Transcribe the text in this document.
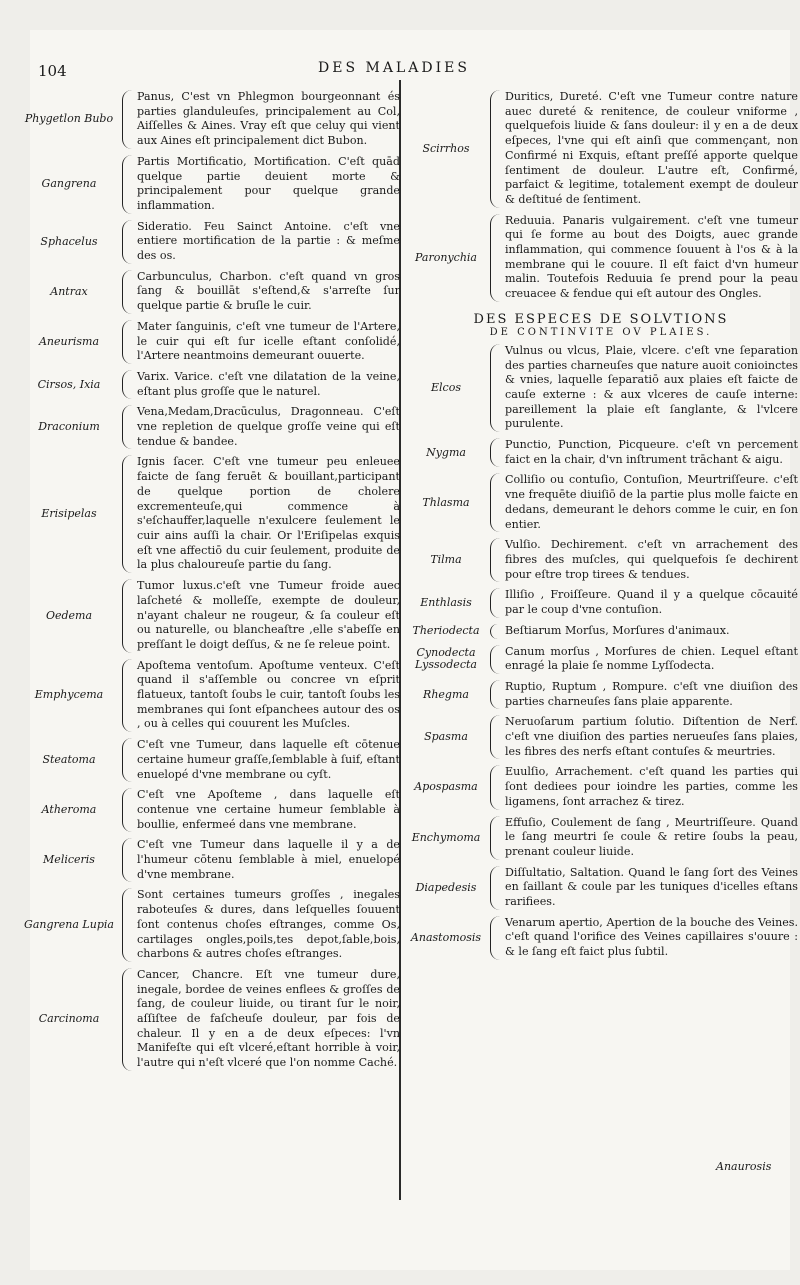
104	DES MALADIES
Phygetlon Bubo
Panus, C'est vn Phlegmon bourgeonnant és parties glanduleuſes, principalement au Col, Aiſſelles & Aines. Vray eſt que celuy qui vient aux Aines eſt principalement dict Bubon.
Gangrena
Partis Mortificatio, Mortification. C'eſt quād quelque partie deuient morte & principalement pour quelque grande inflammation.
Sphacelus
Sideratio. Feu Sainct Antoine. c'eſt vne entiere mortification de la partie : & meſme des os.
Antrax
Carbunculus, Charbon. c'eſt quand vn gros ſang & bouillāt s'eſtend,& s'arreſte ſur quelque partie & bruſle le cuir.
Aneurisma
Mater ſanguinis, c'eſt vne tumeur de l'Artere, le cuir qui eſt ſur icelle eſtant conſolidé, l'Artere neantmoins demeurant ouuerte.
Cirsos, Ixia
Varix. Varice. c'eſt vne dilatation de la veine, eſtant plus groſſe que le naturel.
Draconium
Vena,Medam,Dracūculus, Dragonneau. C'eſt vne repletion de quelque groſſe veine qui eſt tendue & bandee.
Erisipelas
Ignis ſacer. C'eſt vne tumeur peu enleuee faicte de ſang feruēt & bouillant,participant de quelque portion de cholere excrementeuſe,qui commence à s'eſchauffer,laquelle n'exulcere ſeulement le cuir ains auſſi la chair. Or l'Eriſipelas exquis eſt vne affectiō du cuir ſeulement, produite de la plus chaloureuſe partie du ſang.
Oedema
Tumor luxus.c'eſt vne Tumeur froide auec laſcheté & molleſſe, exempte de douleur, n'ayant chaleur ne rougeur, & ſa couleur eſt ou naturelle, ou blancheaſtre ,elle s'abeſſe en preſſant le doigt deſſus, & ne ſe releue point.
Emphycema
Apoſtema ventoſum. Apoſtume venteux. C'eſt quand il s'aſſemble ou concree vn eſprit flatueux, tantoſt ſoubs le cuir, tantoſt ſoubs les membranes qui ſont eſpanchees autour des os , ou à celles qui couurent les Muſcles.
Steatoma
C'eſt vne Tumeur, dans laquelle eſt cōtenue certaine humeur graſſe,ſemblable à ſuif, eſtant enuelopé d'vne membrane ou cyſt.
Atheroma
C'eſt vne Apoſteme , dans laquelle eſt contenue vne certaine humeur ſemblable à boullie, enfermeé dans vne membrane.
Meliceris
C'eſt vne Tumeur dans laquelle il y a de l'humeur cōtenu ſemblable à miel, enuelopé d'vne membrane.
Gangrena Lupia
Sont certaines tumeurs groſſes , inegales raboteuſes & dures, dans leſquelles ſouuent ſont contenus choſes eſtranges, comme Os, cartilages ongles,poils,tes depot,ſable,bois, charbons & autres choſes eſtranges.
Carcinoma
Cancer, Chancre. Eſt vne tumeur dure, inegale, bordee de veines enflees & groſſes de ſang, de couleur liuide, ou tirant ſur le noir, aſſiſtee de faſcheuſe douleur, par fois de chaleur. Il y en a de deux eſpeces: l'vn Manifeſte qui eſt vlceré,eſtant horrible à voir, l'autre qui n'eſt vlceré que l'on nomme Caché.
Scirrhos
Duritics, Dureté. C'eſt vne Tumeur contre nature auec dureté & renitence, de couleur vniforme , quelquefois liuide & ſans douleur: il y en a de deux eſpeces, l'vne qui eſt ainſi que commençant, non Confirmé ni Exquis, eſtant preſſé apporte quelque ſentiment de douleur. L'autre eſt, Confirmé, parfaict & legitime, totalement exempt de douleur & deſtitué de ſentiment.
Paronychia
Reduuia. Panaris vulgairement. c'eſt vne tumeur qui ſe forme au bout des Doigts, auec grande inflammation, qui commence ſouuent à l'os & à la membrane qui le couure. Il eſt faict d'vn humeur malin. Toutefois Reduuia ſe prend pour la peau creuacee & fendue qui eſt autour des Ongles.
DES ESPECES DE SOLVTIONS
DE CONTINVITE OV PLAIES.
Elcos
Vulnus ou vlcus, Plaie, vlcere. c'eſt vne ſeparation des parties charneuſes que nature auoit conioinctes & vnies, laquelle ſeparatiō aux plaies eſt faicte de cauſe externe : & aux vlceres de cauſe interne: pareillement la plaie eſt ſanglante, & l'vlcere purulente.
Nygma
Punctio, Punction, Picqueure. c'eſt vn percement faict en la chair, d'vn inſtrument trāchant & aigu.
Thlasma
Colliſio ou contuſio, Contuſion, Meurtriſſeure. c'eſt vne frequēte diuiſiō de la partie plus molle faicte en dedans, demeurant le dehors comme le cuir, en ſon entier.
Tilma
Vulſio. Dechirement. c'eſt vn arrachement des fibres des muſcles, qui quelquefois ſe dechirent pour eſtre trop tirees & tendues.
Enthlasis
Illiſio , Froiſſeure. Quand il y a quelque cōcauité par le coup d'vne contuſion.
Theriodecta	Beſtiarum Morſus, Morſures d'animaux.
Cynodecta Lyssodecta
Canum morſus , Morſures de chien. Lequel eſtant enragé la plaie ſe nomme Lyſſodecta.
Rhegma
Ruptio, Ruptum , Rompure. c'eſt vne diuiſion des parties charneuſes ſans plaie apparente.
Spasma
Neruoſarum partium ſolutio. Diſtention de Nerf. c'eſt vne diuiſion des parties nerueuſes ſans plaies, les fibres des nerfs eſtant contuſes & meurtries.
Apospasma
Euulſio, Arrachement. c'eſt quand les parties qui ſont dediees pour ioindre les parties, comme les ligamens, ſont arrachez & tirez.
Enchymoma
Effuſio, Coulement de ſang , Meurtriſſeure. Quand le ſang meurtri ſe coule & retire ſoubs la peau, prenant couleur liuide.
Diapedesis
Diſſultatio, Saltation. Quand le ſang ſort des Veines en ſaillant & coule par les tuniques d'icelles eſtans rarifiees.
Anastomosis
Venarum apertio, Apertion de la bouche des Veines. c'eſt quand l'orifice des Veines capillaires s'ouure : & le ſang eſt faict plus ſubtil.
Anaurosis
